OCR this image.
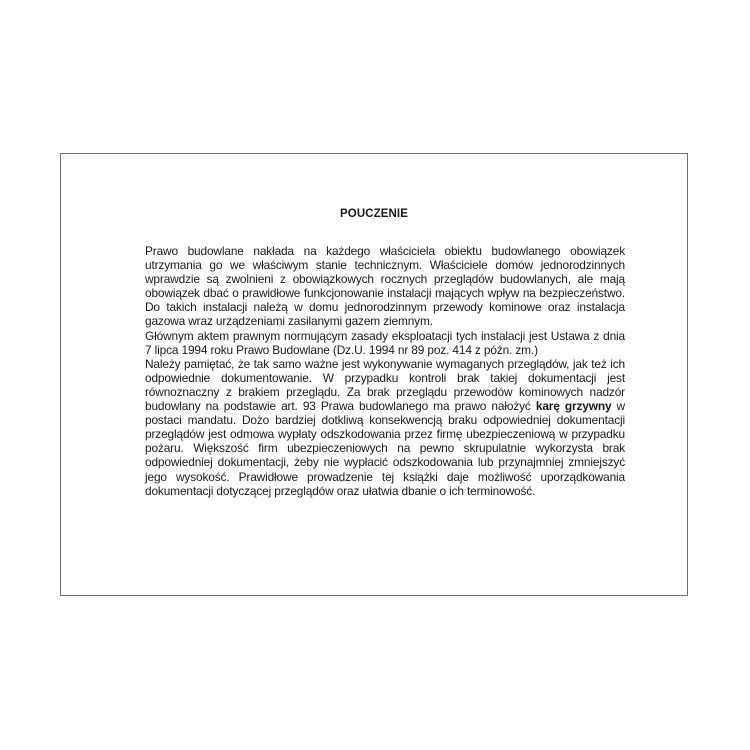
POUCZENIE

Prawo budowlane nakłada na każdego właściciela obiektu budowlanego obowiązek utrzymania go we właściwym stanie technicznym. Właściciele domów jednorodzinnych wprawdzie są zwolnieni z obowiązkowych rocznych przeglądów budowlanych, ale mają obowiązek dbać o prawidłowe funkcjonowanie instalacji mających wpływ na bezpieczeństwo. Do takich instalacji należą w domu jednorodzinnym przewody kominowe oraz instalacja gazowa wraz urządzeniami zasilanymi gazem ziemnym.

Głównym aktem prawnym normującym zasady eksploatacji tych instalacji jest Ustawa z dnia 7 lipca 1994 roku Prawo Budowlane (Dz.U. 1994 nr 89 poz. 414 z późn. zm.)

Należy pamiętać, że tak samo ważne jest wykonywanie wymaganych przeglądów, jak też ich odpowiednie dokumentowanie. W przypadku kontroli brak takiej dokumentacji jest równoznaczny z brakiem przeglądu. Za brak przeglądu przewodów kominowych nadzór budowlany na podstawie art. 93 Prawa budowlanego ma prawo nałożyć karę grzywny w postaci mandatu. Dożo bardziej dotkliwą konsekwencją braku odpowiedniej dokumentacji przeglądów jest odmowa wypłaty odszkodowania przez firmę ubezpieczeniową w przypadku pożaru. Większość firm ubezpieczeniowych na pewno skrupulatnie wykorzysta brak odpowiedniej dokumentacji, żeby nie wypłacić odszkodowania lub przynajmniej zmniejszyć jego wysokość. Prawidłowe prowadzenie tej książki daje możliwość uporządkowania dokumentacji dotyczącej przeglądów oraz ułatwia dbanie o ich terminowość.
